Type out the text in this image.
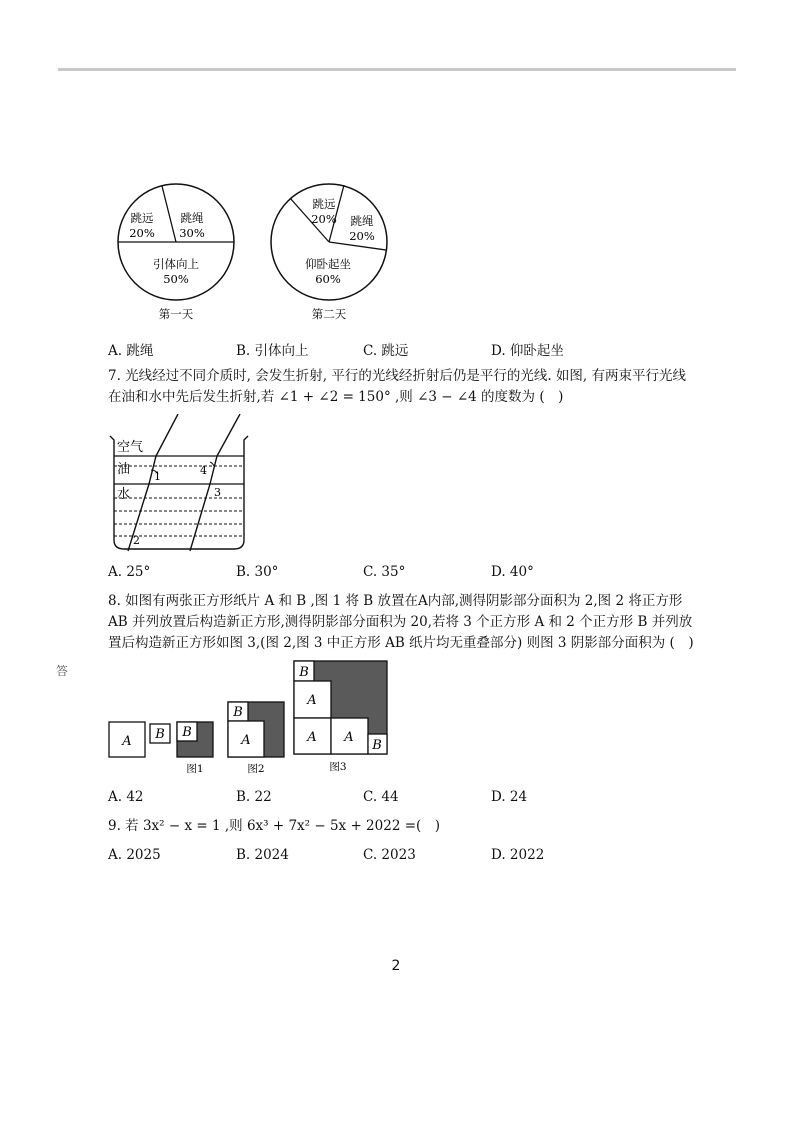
跳远
20%
跳绳
30%
引体向上
50%
第一天
跳远
20% 跳绳
20%
仰卧起坐
60%
第二天
A. 跳绳	B. 引体向上	C. 跳远	D. 仰卧起坐
7. 光线经过不同介质时, 会发生折射, 平行的光线经折射后仍是平行的光线. 如图, 有两束平行光线
在油和水中先后发生折射,若 ∠1 + ∠2 = 150° ,则 ∠3 − ∠4 的度数为 (　)
空气
油
水
1
2
3
4
A. 25°	B. 30°	C. 35°	D. 40°
8. 如图有两张正方形纸片 A 和 B ,图 1 将 B 放置在A内部,测得阴影部分面积为 2,图 2 将正方形
AB 并列放置后构造新正方形,测得阴影部分面积为 20,若将 3 个正方形 A 和 2 个正方形 B 并列放
置后构造新正方形如图 3,(图 2,图 3 中正方形 AB 纸片均无重叠部分) 则图 3 阴影部分面积为 (　)
答
A B B
图1
B
A
图2
B
A
A A
B
图3
A. 42	B. 22	C. 44	D. 24
9. 若 3x² − x = 1 ,则 6x³ + 7x² − 5x + 2022 =(　)
A. 2025	B. 2024	C. 2023	D. 2022
2
